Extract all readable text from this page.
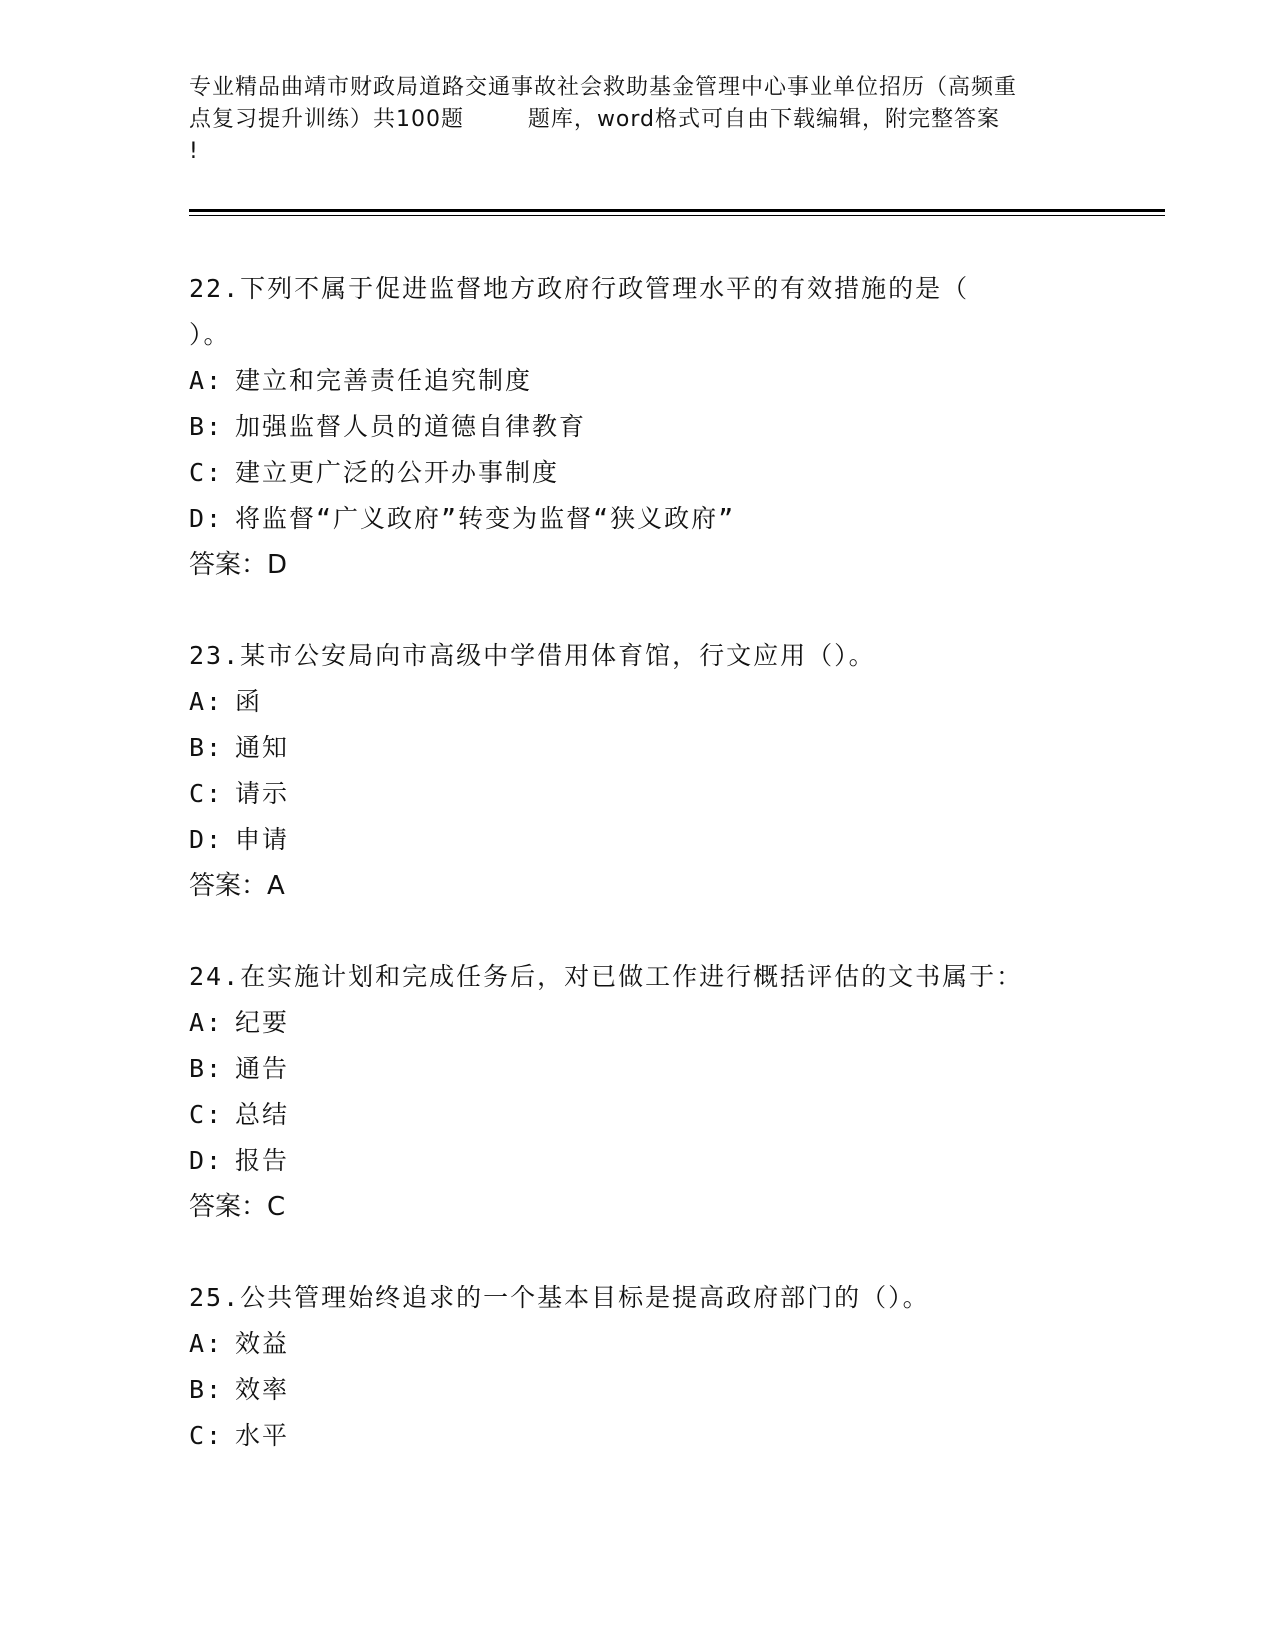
专业精品曲靖市财政局道路交通事故社会救助基金管理中心事业单位招历（高频重
点复习提升训练）共100题        题库，word格式可自由下载编辑，附完整答案
!
22.下列不属于促进监督地方政府行政管理水平的有效措施的是（
）。
A: 建立和完善责任追究制度
B: 加强监督人员的道德自律教育
C: 建立更广泛的公开办事制度
D: 将监督“广义政府”转变为监督“狭义政府”
答案：D
23.某市公安局向市高级中学借用体育馆，行文应用（）。
A: 函
B: 通知
C: 请示
D: 申请
答案：A
24.在实施计划和完成任务后，对已做工作进行概括评估的文书属于：
A: 纪要
B: 通告
C: 总结
D: 报告
答案：C
25.公共管理始终追求的一个基本目标是提高政府部门的（）。
A: 效益
B: 效率
C: 水平
